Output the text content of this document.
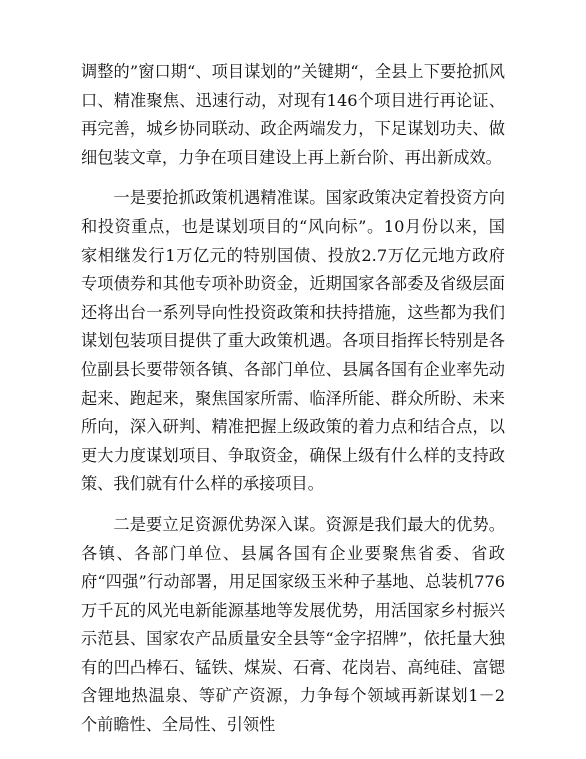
调整的”窗口期“、项目谋划的”关键期“，全县上下要抢抓风口、精准聚焦、迅速行动，对现有146个项目进行再论证、再完善，城乡协同联动、政企两端发力，下足谋划功夫、做细包装文章，力争在项目建设上再上新台阶、再出新成效。

一是要抢抓政策机遇精准谋。国家政策决定着投资方向和投资重点，也是谋划项目的“风向标”。10月份以来，国家相继发行1万亿元的特别国债、投放2.7万亿元地方政府专项债券和其他专项补助资金，近期国家各部委及省级层面还将出台一系列导向性投资政策和扶持措施，这些都为我们谋划包装项目提供了重大政策机遇。各项目指挥长特别是各位副县长要带领各镇、各部门单位、县属各国有企业率先动起来、跑起来，聚焦国家所需、临泽所能、群众所盼、未来所向，深入研判、精准把握上级政策的着力点和结合点，以更大力度谋划项目、争取资金，确保上级有什么样的支持政策、我们就有什么样的承接项目。

二是要立足资源优势深入谋。资源是我们最大的优势。各镇、各部门单位、县属各国有企业要聚焦省委、省政府“四强”行动部署，用足国家级玉米种子基地、总装机776万千瓦的风光电新能源基地等发展优势，用活国家乡村振兴示范县、国家农产品质量安全县等“金字招牌”，依托量大独有的凹凸棒石、锰铁、煤炭、石膏、花岗岩、高纯硅、富锶含锂地热温泉、等矿产资源，力争每个领域再新谋划1－2个前瞻性、全局性、引领性
